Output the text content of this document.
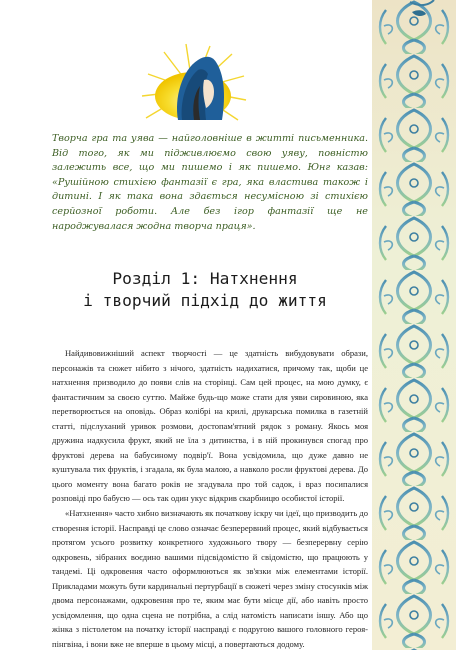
Творча гра та уява — найголовніше в житті письменника. Від того, як ми підживлюємо свою уяву, повністю залежить все, що ми пишемо і як пишемо. Юнг казав: «Рушійною стихією фантазії є гра, яка властива також і дитині. І як така вона здається несумісною зі стихією серйозної роботи. Але без ігор фантазії ще не народжувалася жодна творча праця».

Розділ 1: Натхнення
і творчий підхід до життя

Найдивовижніший аспект творчості — це здатність вибудовувати образи, персонажів та сюжет нібито з нічого, здатність надихатися, причому так, щоби це натхнення призводило до появи слів на сторінці. Сам цей процес, на мою думку, є фантастичним за своєю суттю. Майже будь-що може стати для уяви сировиною, яка перетворюється на оповідь. Образ колібрі на крилі, друкарська помилка в газетній статті, підслуханий уривок розмови, достопам'ятний рядок з роману. Якось моя дружина надкусила фрукт, який не їла з дитинства, і в ній прокинувся спогад про фруктові дерева на бабусиному подвір'ї. Вона усвідомила, що дуже давно не куштувала тих фруктів, і згадала, як була малою, а навколо росли фруктові дерева. До цього моменту вона багато років не згадувала про той садок, і враз посипалися розповіді про бабусю — ось так один укус відкрив скарбницю особистої історії.

«Натхнення» часто хибно визначають як початкову іскру чи ідеї, що призводить до створення історії. Насправді це слово означає безперервний процес, який відбувається протягом усього розвитку конкретного художнього твору — безперервну серію одкровень, зібраних воєдино вашими підсвідомістю й свідомістю, що працюють у тандемі. Ці одкровення часто оформлюються як зв'язки між елементами історії. Прикладами можуть бути кардинальні пертурбації в сюжеті через зміну стосунків між двома персонажами, одкровення про те, яким має бути місце дії, або навіть просто усвідомлення, що одна сцена не потрібна, а слід натомість написати іншу. Або що жінка з пістолетом на початку історії насправді є подругою вашого головного героя-пінгвіна, і вони вже не вперше в цьому місці, а повертаються додому.
